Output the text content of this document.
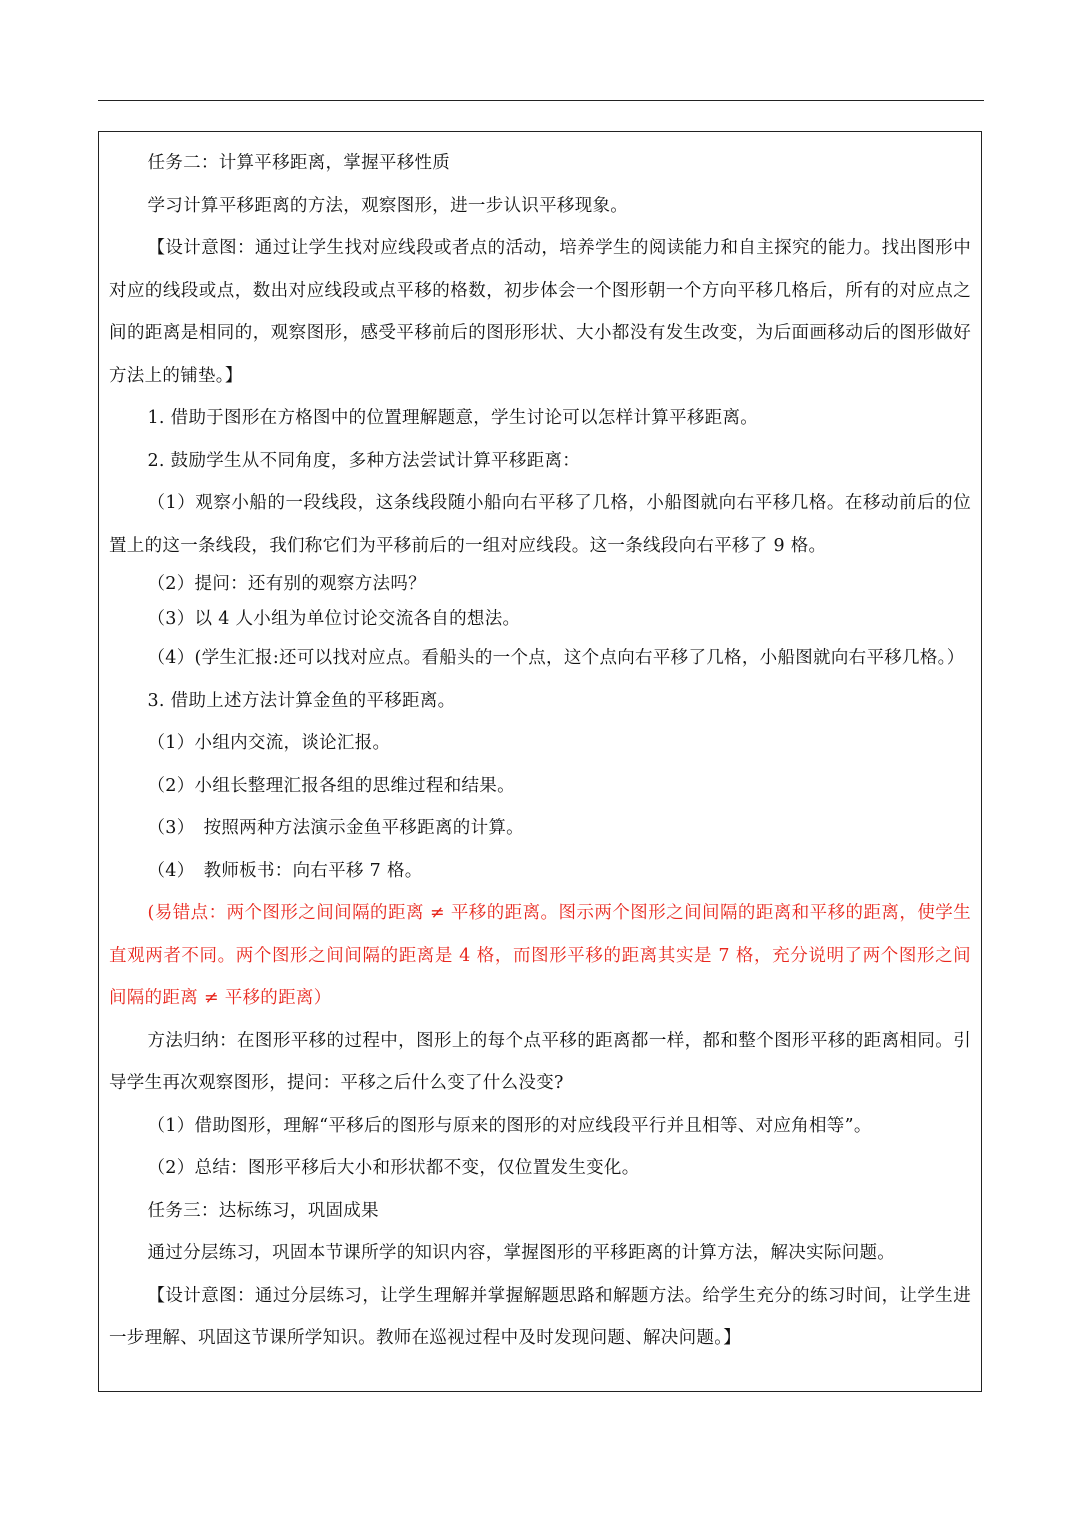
任务二：计算平移距离，掌握平移性质

学习计算平移距离的方法，观察图形，进一步认识平移现象。

【设计意图：通过让学生找对应线段或者点的活动，培养学生的阅读能力和自主探究的能力。找出图形中对应的线段或点，数出对应线段或点平移的格数，初步体会一个图形朝一个方向平移几格后，所有的对应点之间的距离是相同的，观察图形，感受平移前后的图形形状、大小都没有发生改变，为后面画移动后的图形做好方法上的铺垫。】

1. 借助于图形在方格图中的位置理解题意，学生讨论可以怎样计算平移距离。

2. 鼓励学生从不同角度，多种方法尝试计算平移距离：

（1）观察小船的一段线段，这条线段随小船向右平移了几格，小船图就向右平移几格。在移动前后的位置上的这一条线段，我们称它们为平移前后的一组对应线段。这一条线段向右平移了 9 格。

（2）提问：还有别的观察方法吗？

（3）以 4 人小组为单位讨论交流各自的想法。

（4）(学生汇报:还可以找对应点。看船头的一个点，这个点向右平移了几格，小船图就向右平移几格。）

3. 借助上述方法计算金鱼的平移距离。

（1）小组内交流，谈论汇报。

（2）小组长整理汇报各组的思维过程和结果。

（3）　按照两种方法演示金鱼平移距离的计算。

（4）　教师板书：向右平移 7 格。

(易错点：两个图形之间间隔的距离 ≠ 平移的距离。图示两个图形之间间隔的距离和平移的距离，使学生直观两者不同。两个图形之间间隔的距离是 4 格，而图形平移的距离其实是 7 格，充分说明了两个图形之间间隔的距离 ≠ 平移的距离）

方法归纳：在图形平移的过程中，图形上的每个点平移的距离都一样，都和整个图形平移的距离相同。引导学生再次观察图形，提问：平移之后什么变了什么没变?

（1）借助图形，理解“平移后的图形与原来的图形的对应线段平行并且相等、对应角相等”。

（2）总结：图形平移后大小和形状都不变，仅位置发生变化。

任务三：达标练习，巩固成果

通过分层练习，巩固本节课所学的知识内容，掌握图形的平移距离的计算方法，解决实际问题。

【设计意图：通过分层练习，让学生理解并掌握解题思路和解题方法。给学生充分的练习时间，让学生进一步理解、巩固这节课所学知识。教师在巡视过程中及时发现问题、解决问题。】
